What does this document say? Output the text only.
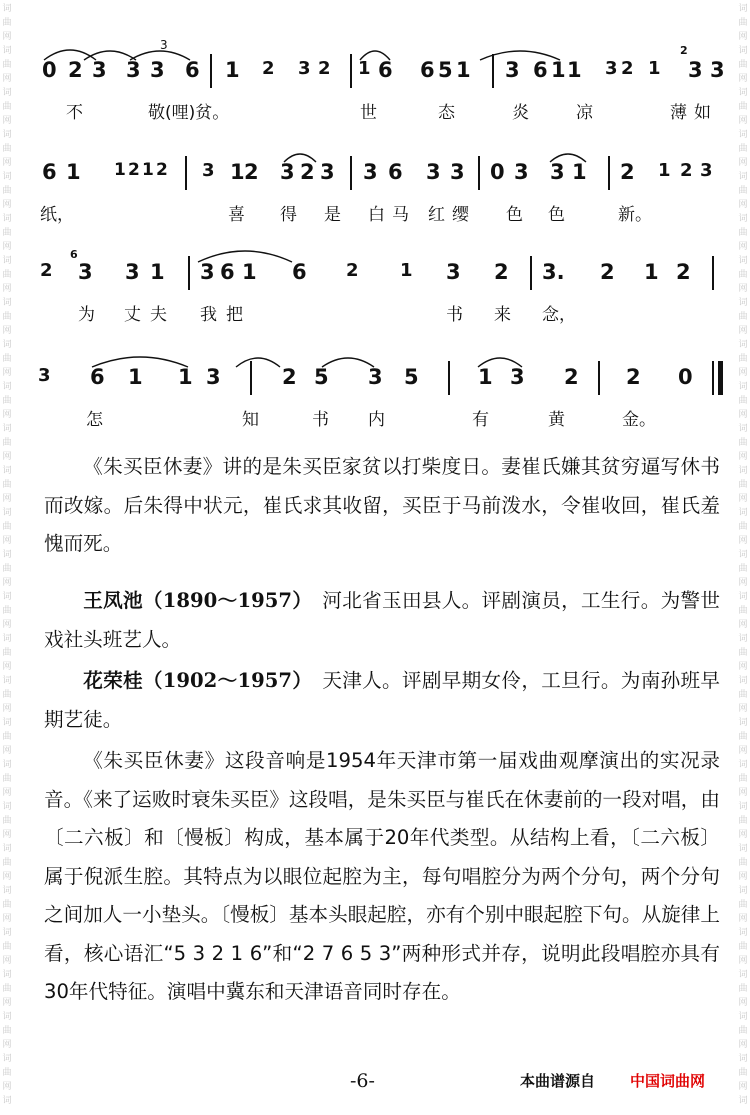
词
曲
网
词
曲
网
词
曲
网
词
曲
网
词
曲
网
词
曲
网
词
曲
网
词
曲
网
词
曲
网
词
曲
网
词
曲
网
词
曲
网
词
曲
网
词
曲
网
词
曲
网
词
曲
网
词
曲
网
词
曲
网
词
曲
网
词
曲
网
词
曲
网
词
曲
网
词
曲
网
词
曲
网
词
曲
网
词
曲
网
词
词
曲
网
词
曲
网
词
曲
网
词
曲
网
词
曲
网
词
曲
网
词
曲
网
词
曲
网
词
曲
网
词
曲
网
词
曲
网
词
曲
网
词
曲
网
词
曲
网
词
曲
网
词
曲
网
词
曲
网
词
曲
网
词
曲
网
词
曲
网
词
曲
网
词
曲
网
词
曲
网
词
曲
网
词
曲
网
词
曲
网
词
0 2 3 3 3 6
3
1 2 3 2 1 6 6 5 1 3 6 1 1 3 2 1
2
3 3
不	敬(哩)贫。	世	态	炎	凉	薄 如
6 1 1 2 1 2 3 1 2 3 2 3 3 6 3 3 0 3 3 1 2 1 2 3
纸，	喜 得 是 白 马 红 缨 色 色	新。
2
6
3 3 1 3 6 1 6 2 1 3 2 3. 2 1 2
为 丈 夫 我 把	书 来 念，
3 6 1 1 3	2 5 3 5	1 3 2 2 0
怎	知	书 内	有	黄	金。

《朱买臣休妻》讲的是朱买臣家贫以打柴度日。妻崔氏嫌其贫穷逼写休书而改嫁。后朱得中状元，崔氏求其收留，买臣于马前泼水，令崔收回，崔氏羞愧而死。

王凤池（1890～1957）　河北省玉田县人。评剧演员，工生行。为警世戏社头班艺人。

花荣桂（1902～1957）　天津人。评剧早期女伶，工旦行。为南孙班早期艺徒。

《朱买臣休妻》这段音响是1954年天津市第一届戏曲观摩演出的实况录音。《来了运败时衰朱买臣》这段唱，是朱买臣与崔氏在休妻前的一段对唱，由〔二六板〕和〔慢板〕构成，基本属于20年代类型。从结构上看，〔二六板〕属于倪派生腔。其特点为以眼位起腔为主，每句唱腔分为两个分句，两个分句之间加人一小垫头。〔慢板〕基本头眼起腔，亦有个别中眼起腔下句。从旋律上看，核心语汇“5 3 2 1 6”和“2 7 6 5 3”两种形式并存，说明此段唱腔亦具有30年代特征。演唱中冀东和天津语音同时存在。

-6-	本曲谱源自 中国词曲网
